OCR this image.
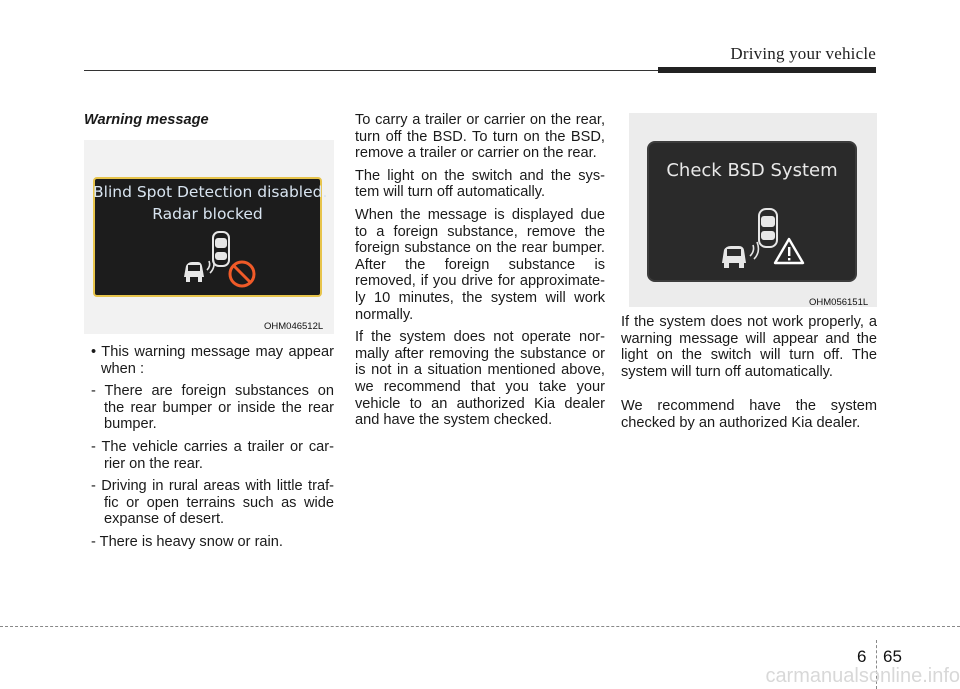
Driving your vehicle
Warning message
Blind Spot Detection disabled.
Radar blocked
OHM046512L
• This warning message may appear when :
- There are foreign substances on the rear bumper or inside the rear bumper.
- The vehicle carries a trailer or car-rier on the rear.
- Driving in rural areas with little traf-fic or open terrains such as wide expanse of desert.
- There is heavy snow or rain.

To carry a trailer or carrier on the rear, turn off the BSD. To turn on the BSD, remove a trailer or carrier on the rear.

The light on the switch and the sys-tem will turn off automatically.

When the message is displayed due to a foreign substance, remove the foreign substance on the rear bumper. After the foreign substance is removed, if you drive for approximate-ly 10 minutes, the system will work normally.

If the system does not operate nor-mally after removing the substance or is not in a situation mentioned above, we recommend that you take your vehicle to an authorized Kia dealer and have the system checked.

Check BSD System
OHM056151L

If the system does not work properly, a warning message will appear and the light on the switch will turn off. The system will turn off automatically.

We recommend have the system checked by an authorized Kia dealer.

6 65
carmanualsonline.info
